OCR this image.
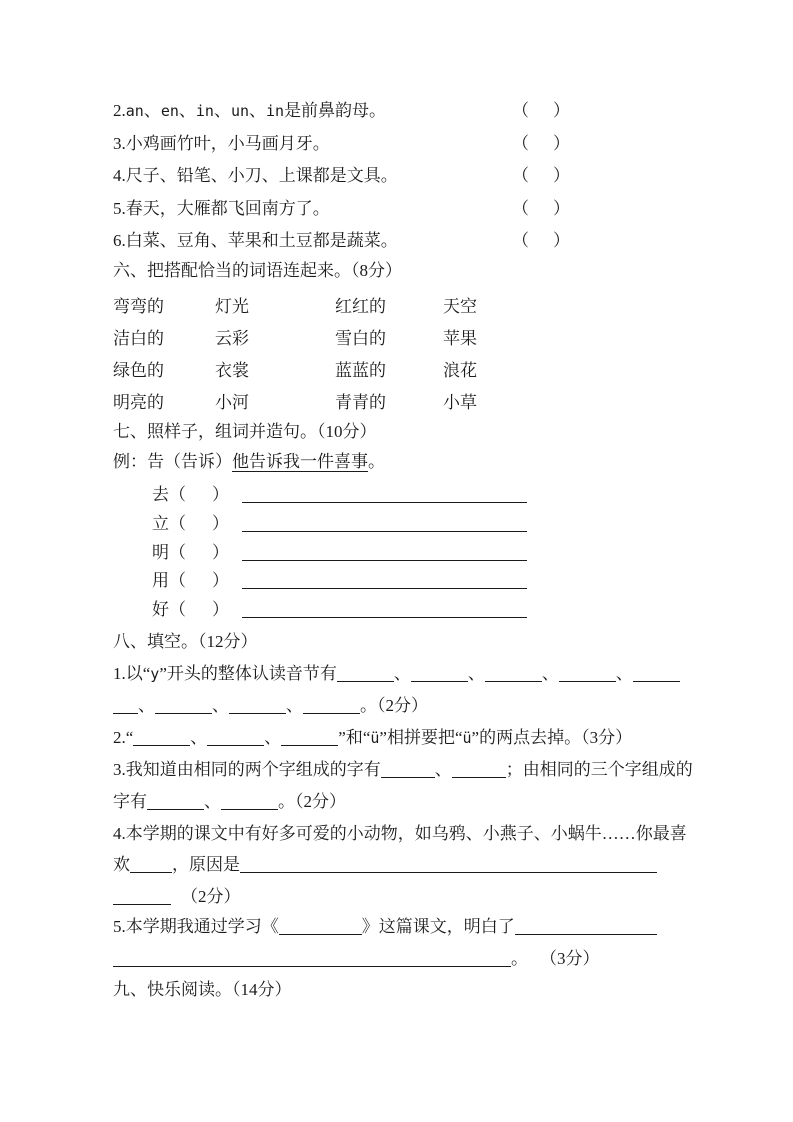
（ ）
2. an 、 en 、 in 、 un 、 in 是前鼻韵母。
（ ）
3.小鸡画竹叶，小马画月牙。
（ ）
4.尺子、铅笔、小刀、上课都是文具。
（ ）
5.春天，大雁都飞回南方了。
（ ）
6.白菜、豆角、苹果和土豆都是蔬菜。
六、把搭配恰当的词语连起来。（8分）
弯弯的	灯光	红红的	天空
洁白的	云彩	雪白的	苹果
绿色的	衣裳	蓝蓝的	浪花
明亮的	小河	青青的	小草
七、照样子，组词并造句。（10分）
例：告（告诉） 他告诉我一件喜事 。
去（ ）
立（ ）
明（ ）
用（ ）
好（ ）
八、填空。（12分）
1.以“ y ”开头的整体认读音节有	、	、	、	、
、	、	、	。（2分）
2.“	、	、	”和“ ü ”相拼要把“ ü ”的两点去掉。（3分）
3.我知道由相同的两个字组成的字有	、	；由相同的三个字组成的
字有	、	。（2分）
4.本学期的课文中有好多可爱的小动物，如乌鸦、小燕子、小蜗牛……你最喜
欢 ，原因是
（2分）
5.本学期我通过学习《	》这篇课文，明白了
。 （3分）
九、快乐阅读。（14分）
